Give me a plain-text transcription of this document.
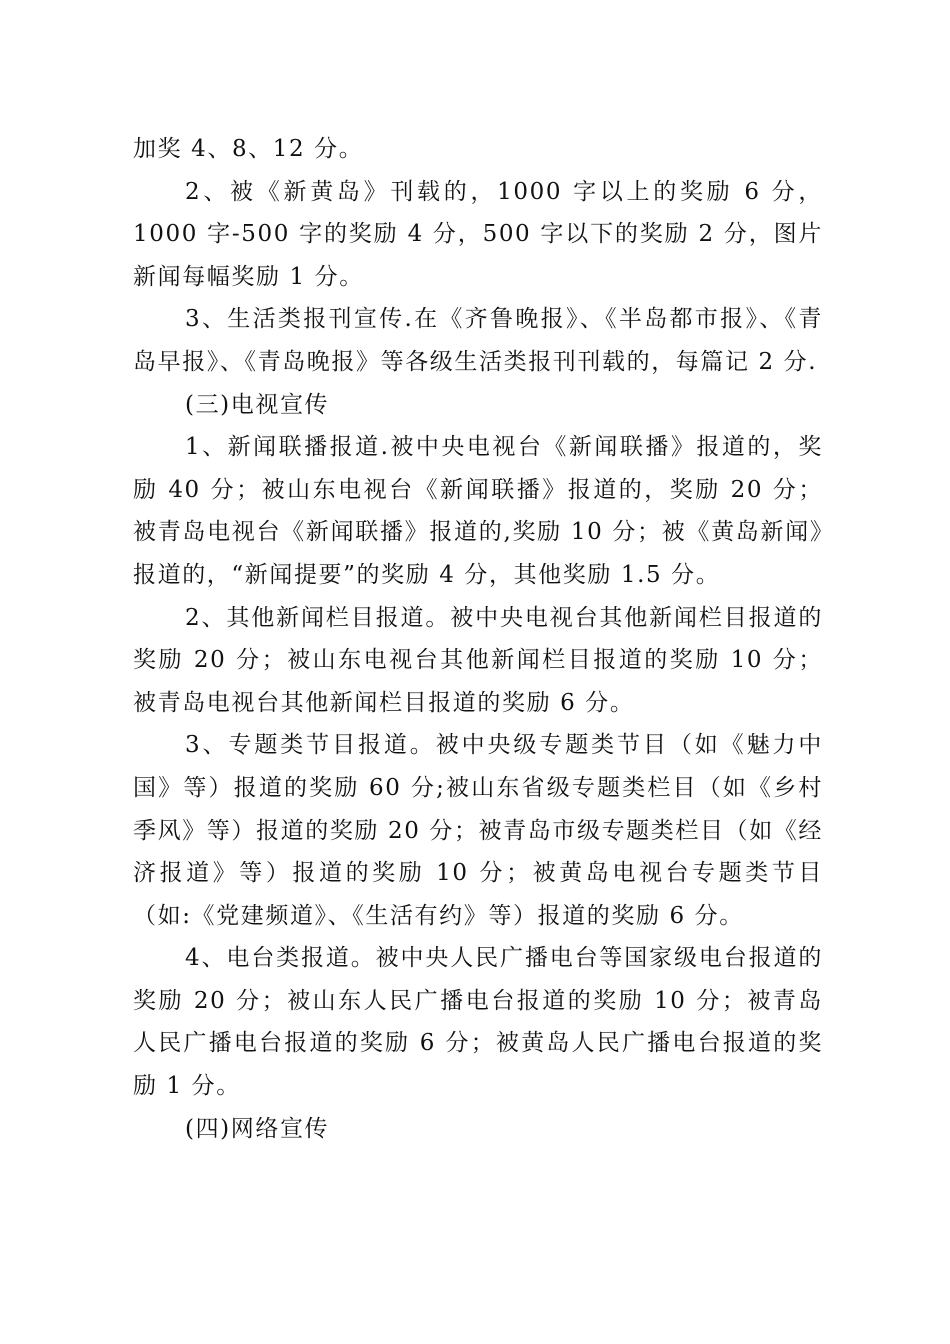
加奖 4、8、12 分。

2、被《新黄岛》刊载的，1000 字以上的奖励 6 分，1000 字-500 字的奖励 4 分，500 字以下的奖励 2 分，图片新闻每幅奖励 1 分。

3、生活类报刊宣传.在《齐鲁晚报》、《半岛都市报》、《青岛早报》、《青岛晚报》等各级生活类报刊刊载的，每篇记 2 分.

(三)电视宣传

1、新闻联播报道.被中央电视台《新闻联播》报道的，奖励 40 分；被山东电视台《新闻联播》报道的，奖励 20 分；被青岛电视台《新闻联播》报道的,奖励 10 分；被《黄岛新闻》报道的，“新闻提要”的奖励 4 分，其他奖励 1.5 分。

2、其他新闻栏目报道。被中央电视台其他新闻栏目报道的奖励 20 分；被山东电视台其他新闻栏目报道的奖励 10 分；被青岛电视台其他新闻栏目报道的奖励 6 分。

3、专题类节目报道。被中央级专题类节目（如《魅力中国》等）报道的奖励 60 分;被山东省级专题类栏目（如《乡村季风》等）报道的奖励 20 分；被青岛市级专题类栏目（如《经济报道》等）报道的奖励 10 分；被黄岛电视台专题类节目（如:《党建频道》、《生活有约》等）报道的奖励 6 分。

4、电台类报道。被中央人民广播电台等国家级电台报道的奖励 20 分；被山东人民广播电台报道的奖励 10 分；被青岛人民广播电台报道的奖励 6 分；被黄岛人民广播电台报道的奖励 1 分。

(四)网络宣传
